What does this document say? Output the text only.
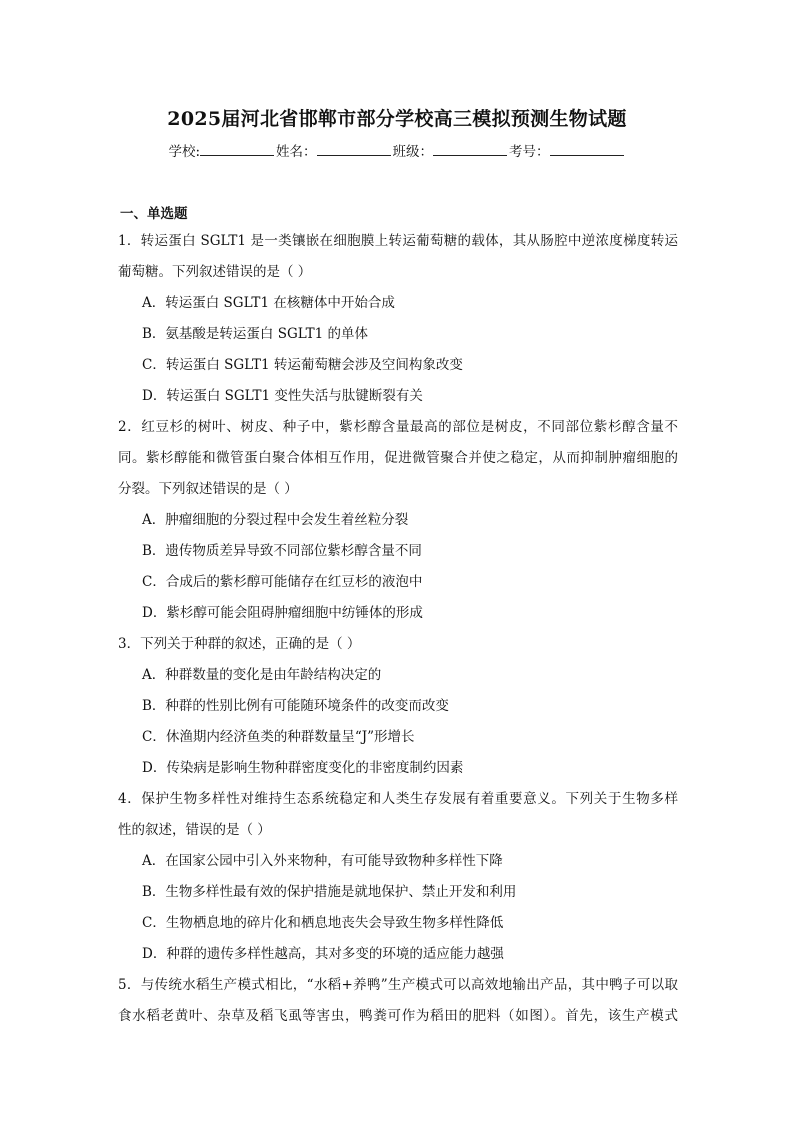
2025届河北省邯郸市部分学校高三模拟预测生物试题
学校:	姓名：	班级：	考号：
一、单选题
1．转运蛋白 SGLT1 是一类镶嵌在细胞膜上转运葡萄糖的载体，其从肠腔中逆浓度梯度转运
葡萄糖。下列叙述错误的是（ ）

A．转运蛋白 SGLT1 在核糖体中开始合成

B．氨基酸是转运蛋白 SGLT1 的单体

C．转运蛋白 SGLT1 转运葡萄糖会涉及空间构象改变

D．转运蛋白 SGLT1 变性失活与肽键断裂有关

2．红豆杉的树叶、树皮、种子中，紫杉醇含量最高的部位是树皮，不同部位紫杉醇含量不
同。紫杉醇能和微管蛋白聚合体相互作用，促进微管聚合并使之稳定，从而抑制肿瘤细胞的
分裂。下列叙述错误的是（ ）

A．肿瘤细胞的分裂过程中会发生着丝粒分裂

B．遗传物质差异导致不同部位紫杉醇含量不同

C．合成后的紫杉醇可能储存在红豆杉的液泡中

D．紫杉醇可能会阻碍肿瘤细胞中纺锤体的形成

3．下列关于种群的叙述，正确的是（ ）

A．种群数量的变化是由年龄结构决定的

B．种群的性别比例有可能随环境条件的改变而改变

C．休渔期内经济鱼类的种群数量呈“J”形增长

D．传染病是影响生物种群密度变化的非密度制约因素

4．保护生物多样性对维持生态系统稳定和人类生存发展有着重要意义。下列关于生物多样
性的叙述，错误的是（ ）

A．在国家公园中引入外来物种，有可能导致物种多样性下降

B．生物多样性最有效的保护措施是就地保护、禁止开发和利用

C．生物栖息地的碎片化和栖息地丧失会导致生物多样性降低

D．种群的遗传多样性越高，其对多变的环境的适应能力越强

5．与传统水稻生产模式相比，“水稻+养鸭”生产模式可以高效地输出产品，其中鸭子可以取
食水稻老黄叶、杂草及稻飞虱等害虫，鸭粪可作为稻田的肥料（如图）。首先，该生产模式
